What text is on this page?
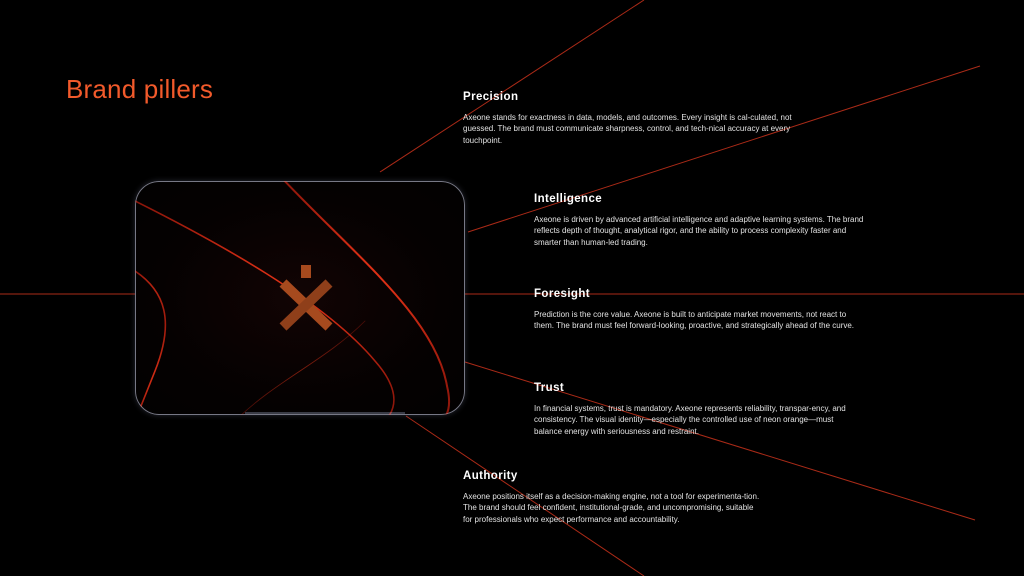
Brand pillers	Precision

Axeone stands for exactness in data, models, and outcomes. Every insight is cal-culated, not guessed. The brand must communicate sharpness, control, and tech-nical accuracy at every touchpoint.

Intelligence

Axeone is driven by advanced artificial intelligence and adaptive learning systems. The brand reflects depth of thought, analytical rigor, and the ability to process complexity faster and smarter than human-led trading.

Foresight

Prediction is the core value. Axeone is built to anticipate market movements, not react to them. The brand must feel forward-looking, proactive, and strategically ahead of the curve.

Trust

In financial systems, trust is mandatory. Axeone represents reliability, transpar-ency, and consistency. The visual identity—especially the controlled use of neon orange—must balance energy with seriousness and restraint.

Authority

Axeone positions itself as a decision-making engine, not a tool for experimenta-tion. The brand should feel confident, institutional-grade, and uncompromising, suitable for professionals who expect performance and accountability.
